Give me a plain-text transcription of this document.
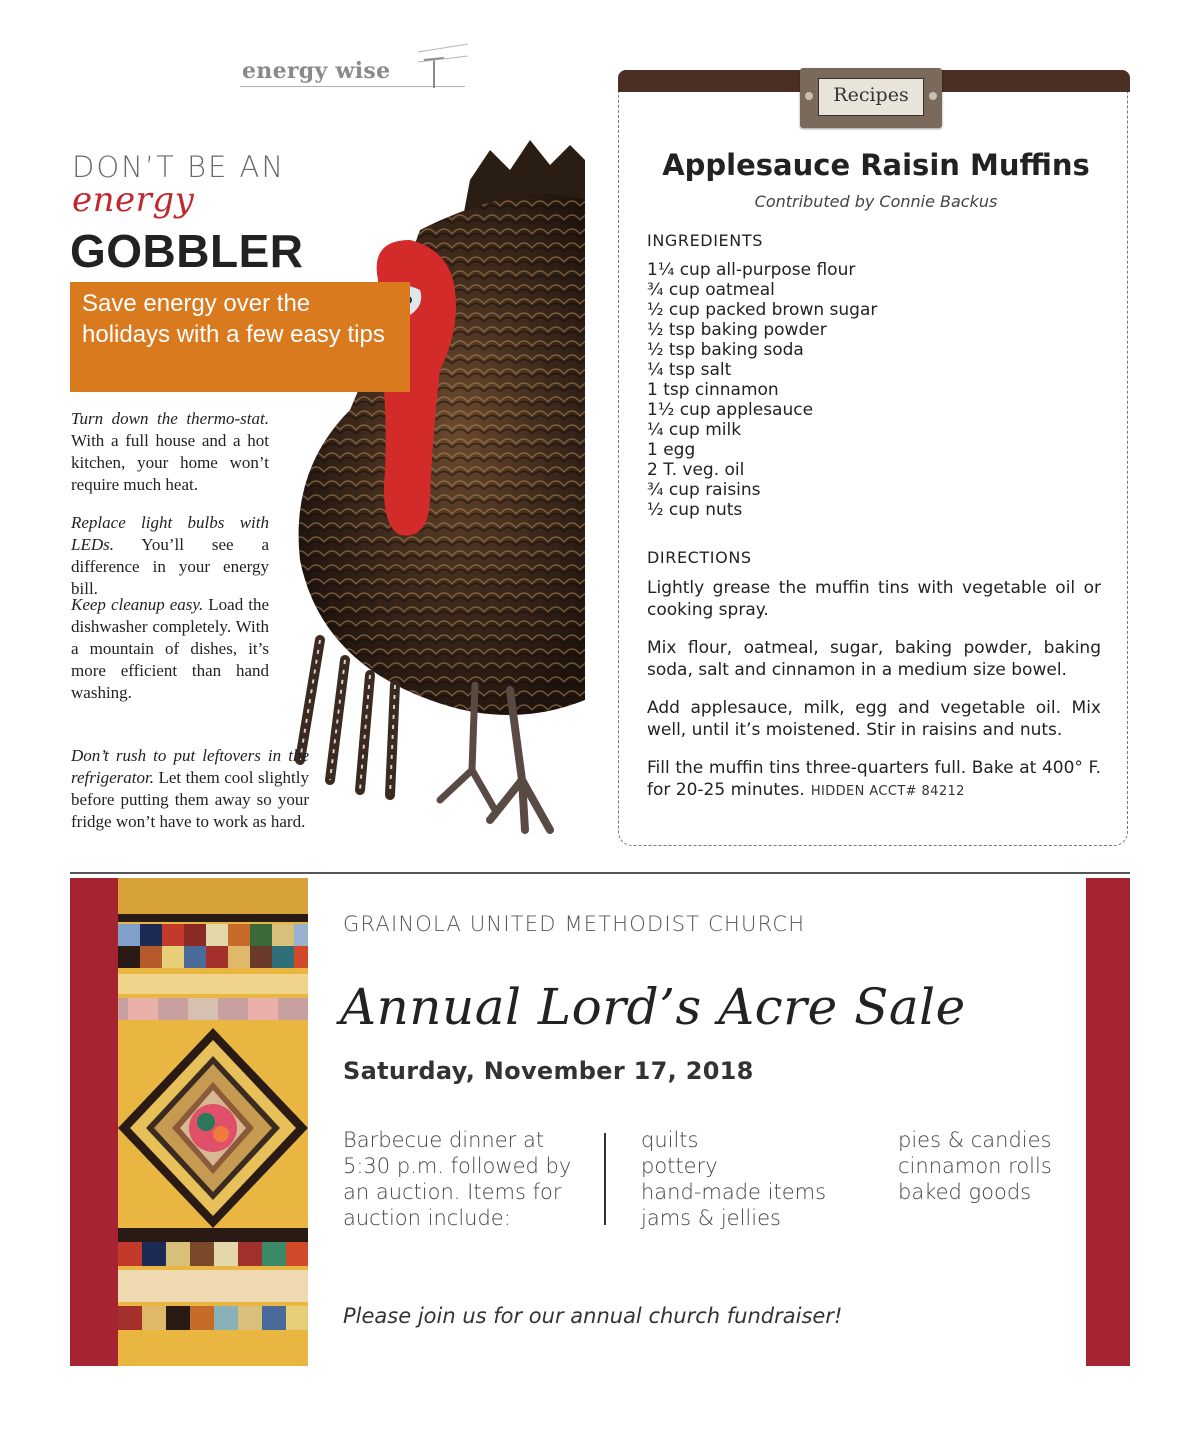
energy wise
DON’T BE AN
energy
GOBBLER
Save energy over the holidays with a few easy tips
Turn down the thermo-stat. With a full house and a hot kitchen, your home won’t require much heat.
Replace light bulbs with LEDs. You’ll see a difference in your energy bill.
Keep cleanup easy. Load the dishwasher completely. With a mountain of dishes, it’s more efficient than hand washing.
Don’t rush to put leftovers in the refrigerator. Let them cool slightly before putting them away so your fridge won’t have to work as hard.
Recipes
Applesauce Raisin Muffins
Contributed by Connie Backus
INGREDIENTS
1¼ cup all-purpose flour
¾ cup oatmeal
½ cup packed brown sugar
½ tsp baking powder
½ tsp baking soda
¼ tsp salt
1 tsp cinnamon
1½ cup applesauce
¼ cup milk
1 egg
2 T. veg. oil
¾ cup raisins
½ cup nuts
DIRECTIONS
Lightly grease the muffin tins with vegetable oil or cooking spray.
Mix flour, oatmeal, sugar, baking powder, baking soda, salt and cinnamon in a medium size bowel.
Add applesauce, milk, egg and vegetable oil. Mix well, until it’s moistened. Stir in raisins and nuts.
Fill the muffin tins three-quarters full. Bake at 400° F. for 20-25 minutes. HIDDEN ACCT# 84212
GRAINOLA UNITED METHODIST CHURCH
Annual Lord’s Acre Sale
Saturday, November 17, 2018
Barbecue dinner at 5:30 p.m. followed by an auction. Items for auction include:
quilts
pottery
hand-made items
jams & jellies
pies & candies
cinnamon rolls
baked goods
Please join us for our annual church fundraiser!
